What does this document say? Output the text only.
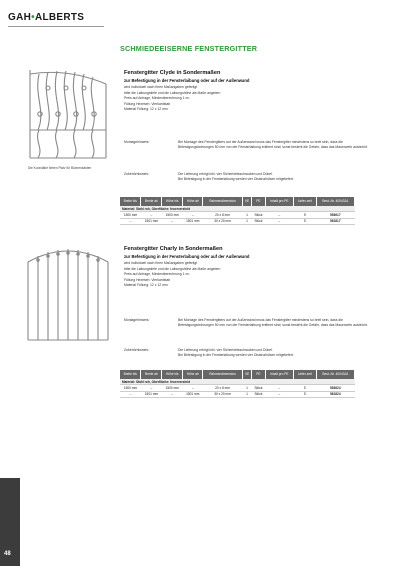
GAH•ALBERTS
SCHMIEDEEISERNE FENSTERGITTER
Die Kurzstäbe bieten Platz für Blumenkästen
Fenstergitter Clyde in Sondermaßen
zur Befestigung in der Fensterlaibung oder auf der Außenwand
wird individuell nach Ihren Maßangaben gefertigt
bitte die Laibungstiefe und die Laibungshöhe als Maße angeben
Preis auf Anfrage, Mindestberechnung 1 m²
Füllung Hexesen: Vierkantstab
Material Füllung: 12 x 12 mm
Montagehinweis:	Bei Montage des Fenstergitters auf der Außenwand muss das Fenstergitter mindestens so breit sein, dass die Befestigungsbohrungen 50 mm von der Fensterlaibung entfernt sind; sonst besteht die Gefahr, dass das Mauerwerk ausbricht.
Zubehörhinweis:	Die Lieferung erfolgt inkl. vier Sicherheitsschrauben und Dübel.
Bei Befestigung in der Fensterlaibung werden vier Distanzhülsen mitgeliefert.
Breite bis	Breite ab	Höhe bis	Höhe ab	Rahmendimension	VE	PE	Inhalt pro PE	Liefer-zeit	Best.-Nr. 40043JA
Material: Stahl roh, Oberfläche: feuerverzinkt									
1500 mm	–	1500 mm	–	20 x 8 mm	1	Stück	–	S	553617
–	1501 mm	–	1501 mm	30 x 20 mm	1	Stück	–	S	561817
Fenstergitter Charly in Sondermaßen
zur Befestigung in der Fensterlaibung oder auf der Außenwand
wird individuell nach Ihren Maßangaben gefertigt
bitte die Laibungstiefe und die Laibungshöhe als Maße angeben
Preis auf Anfrage, Mindestberechnung 1 m²
Füllung Hexesen: Vierkantstab
Material Füllung: 12 x 12 mm
Montagehinweis:	Bei Montage des Fenstergitters auf der Außenwand muss das Fenstergitter mindestens so breit sein, dass die Befestigungsbohrungen 50 mm von der Fensterlaibung entfernt sind; sonst besteht die Gefahr, dass das Mauerwerk ausbricht.
Zubehörhinweis:	Die Lieferung erfolgt inkl. vier Sicherheitsschrauben und Dübel.
Bei Befestigung in der Fensterlaibung werden vier Distanzhülsen mitgeliefert.
Breite bis	Breite ab	Höhe bis	Höhe ab	Rahmendimension	VE	PE	Inhalt pro PE	Liefer-zeit	Best.-Nr. 40043JA
Material: Stahl roh, Oberfläche: feuerverzinkt									
1500 mm	–	1500 mm	–	20 x 8 mm	1	Stück	–	S	553624
–	1501 mm	–	1501 mm	30 x 20 mm	1	Stück	–	S	561824
48
